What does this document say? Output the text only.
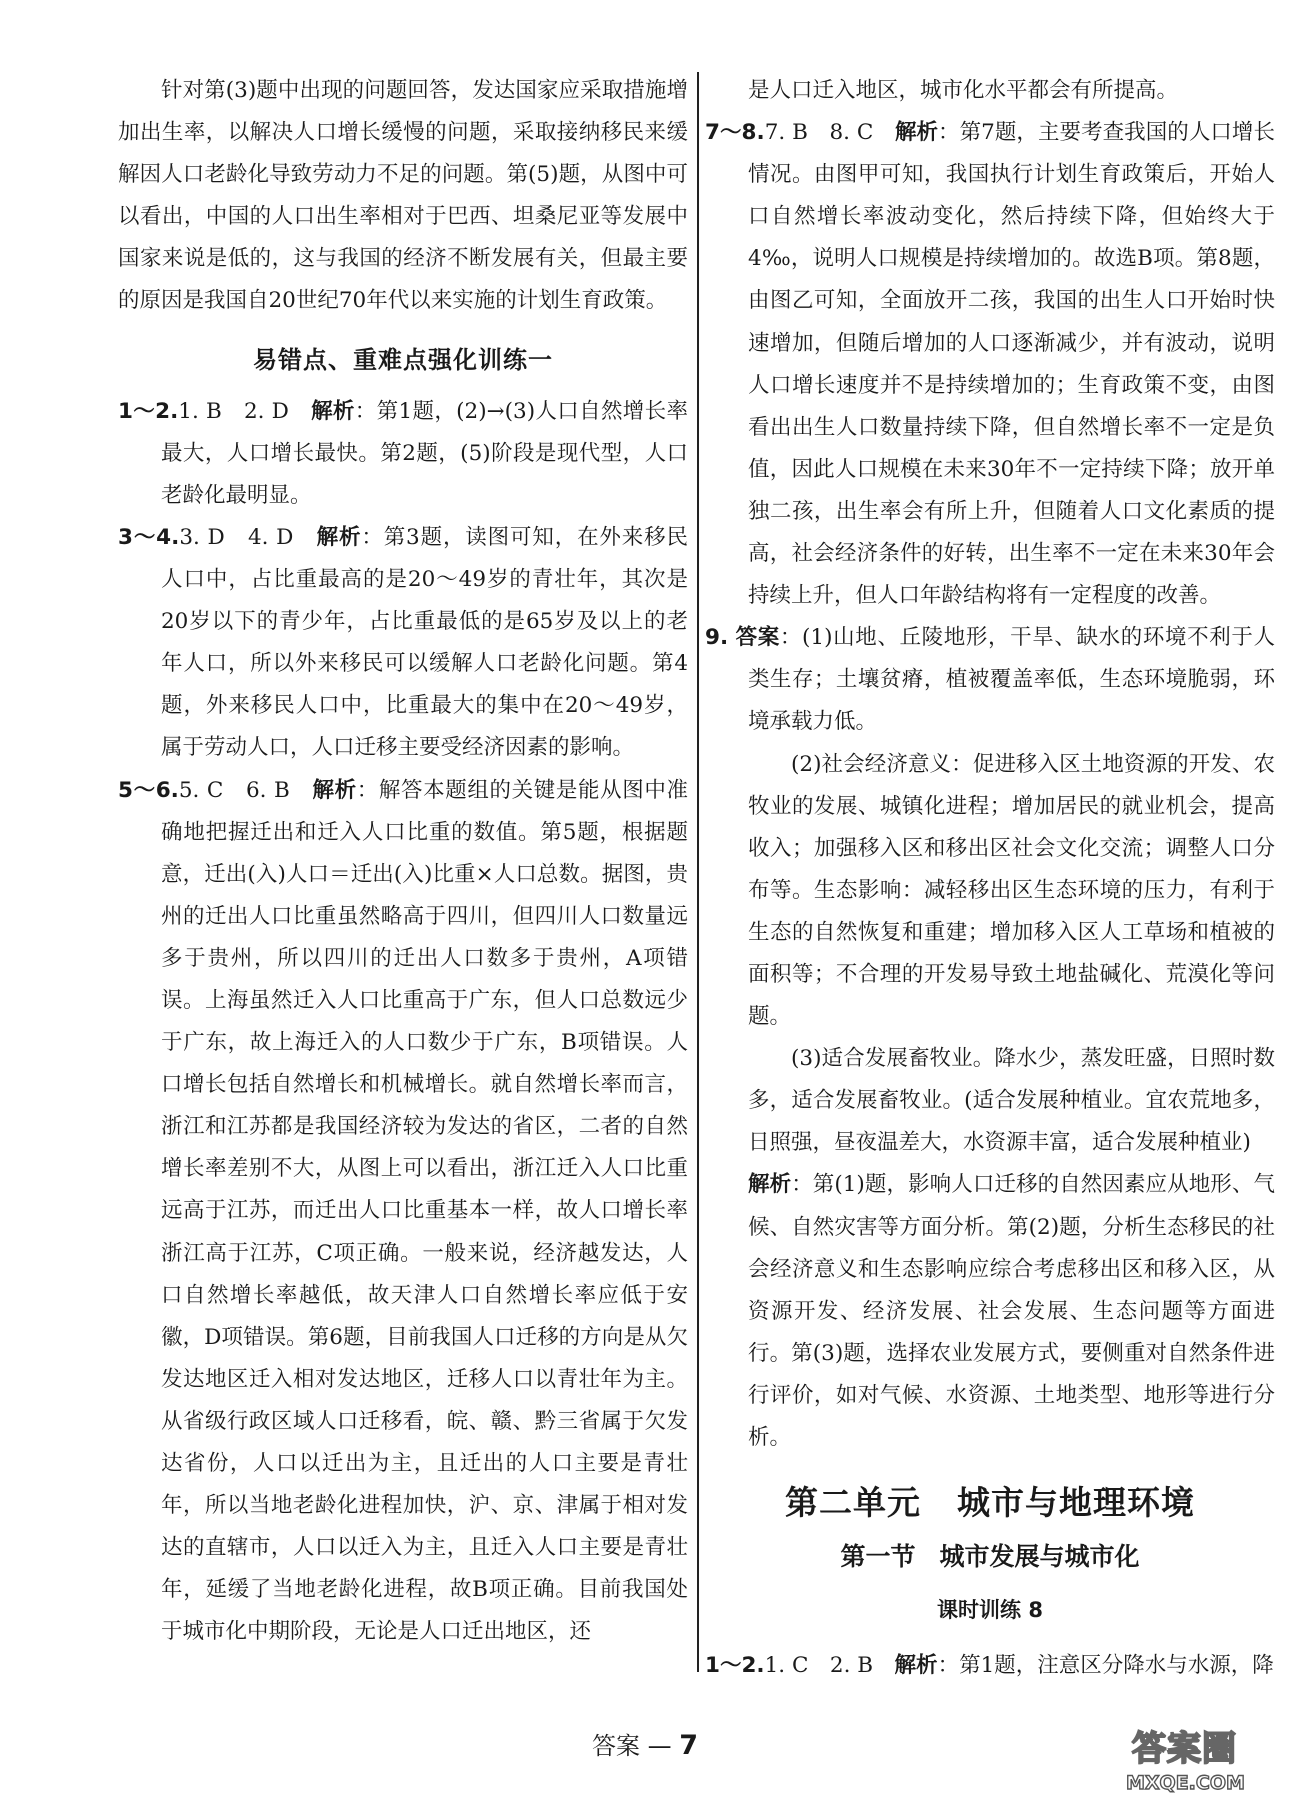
针对第(3)题中出现的问题回答，发达国家应采取措施增加出生率，以解决人口增长缓慢的问题，采取接纳移民来缓解因人口老龄化导致劳动力不足的问题。第(5)题，从图中可以看出，中国的人口出生率相对于巴西、坦桑尼亚等发展中国家来说是低的，这与我国的经济不断发展有关，但最主要的原因是我国自20世纪70年代以来实施的计划生育政策。

易错点、重难点强化训练一

1～2.1. B　2. D　解析：第1题，(2)→(3)人口自然增长率最大，人口增长最快。第2题，(5)阶段是现代型，人口老龄化最明显。

3～4.3. D　4. D　解析：第3题，读图可知，在外来移民人口中，占比重最高的是20～49岁的青壮年，其次是20岁以下的青少年，占比重最低的是65岁及以上的老年人口，所以外来移民可以缓解人口老龄化问题。第4题，外来移民人口中，比重最大的集中在20～49岁，属于劳动人口，人口迁移主要受经济因素的影响。

5～6.5. C　6. B　解析：解答本题组的关键是能从图中准确地把握迁出和迁入人口比重的数值。第5题，根据题意，迁出(入)人口＝迁出(入)比重×人口总数。据图，贵州的迁出人口比重虽然略高于四川，但四川人口数量远多于贵州，所以四川的迁出人口数多于贵州，A项错误。上海虽然迁入人口比重高于广东，但人口总数远少于广东，故上海迁入的人口数少于广东，B项错误。人口增长包括自然增长和机械增长。就自然增长率而言，浙江和江苏都是我国经济较为发达的省区，二者的自然增长率差别不大，从图上可以看出，浙江迁入人口比重远高于江苏，而迁出人口比重基本一样，故人口增长率浙江高于江苏，C项正确。一般来说，经济越发达，人口自然增长率越低，故天津人口自然增长率应低于安徽，D项错误。第6题，目前我国人口迁移的方向是从欠发达地区迁入相对发达地区，迁移人口以青壮年为主。从省级行政区域人口迁移看，皖、赣、黔三省属于欠发达省份，人口以迁出为主，且迁出的人口主要是青壮年，所以当地老龄化进程加快，沪、京、津属于相对发达的直辖市，人口以迁入为主，且迁入人口主要是青壮年，延缓了当地老龄化进程，故B项正确。目前我国处于城市化中期阶段，无论是人口迁出地区，还

是人口迁入地区，城市化水平都会有所提高。

7～8.7. B　8. C　解析：第7题，主要考查我国的人口增长情况。由图甲可知，我国执行计划生育政策后，开始人口自然增长率波动变化，然后持续下降，但始终大于4‰，说明人口规模是持续增加的。故选B项。第8题，由图乙可知，全面放开二孩，我国的出生人口开始时快速增加，但随后增加的人口逐渐减少，并有波动，说明人口增长速度并不是持续增加的；生育政策不变，由图看出出生人口数量持续下降，但自然增长率不一定是负值，因此人口规模在未来30年不一定持续下降；放开单独二孩，出生率会有所上升，但随着人口文化素质的提高，社会经济条件的好转，出生率不一定在未来30年会持续上升，但人口年龄结构将有一定程度的改善。

9. 答案：(1)山地、丘陵地形，干旱、缺水的环境不利于人类生存；土壤贫瘠，植被覆盖率低，生态环境脆弱，环境承载力低。

(2)社会经济意义：促进移入区土地资源的开发、农牧业的发展、城镇化进程；增加居民的就业机会，提高收入；加强移入区和移出区社会文化交流；调整人口分布等。生态影响：减轻移出区生态环境的压力，有利于生态的自然恢复和重建；增加移入区人工草场和植被的面积等；不合理的开发易导致土地盐碱化、荒漠化等问题。

(3)适合发展畜牧业。降水少，蒸发旺盛，日照时数多，适合发展畜牧业。(适合发展种植业。宜农荒地多，日照强，昼夜温差大，水资源丰富，适合发展种植业)

解析：第(1)题，影响人口迁移的自然因素应从地形、气候、自然灾害等方面分析。第(2)题，分析生态移民的社会经济意义和生态影响应综合考虑移出区和移入区，从资源开发、经济发展、社会发展、生态问题等方面进行。第(3)题，选择农业发展方式，要侧重对自然条件进行评价，如对气候、水资源、土地类型、地形等进行分析。

第二单元 城市与地理环境
第一节 城市发展与城市化
课时训练 8

1～2.1. C　2. B　解析：第1题，注意区分降水与水源，降

答案 — 7	答案圈
MXQE.COM
